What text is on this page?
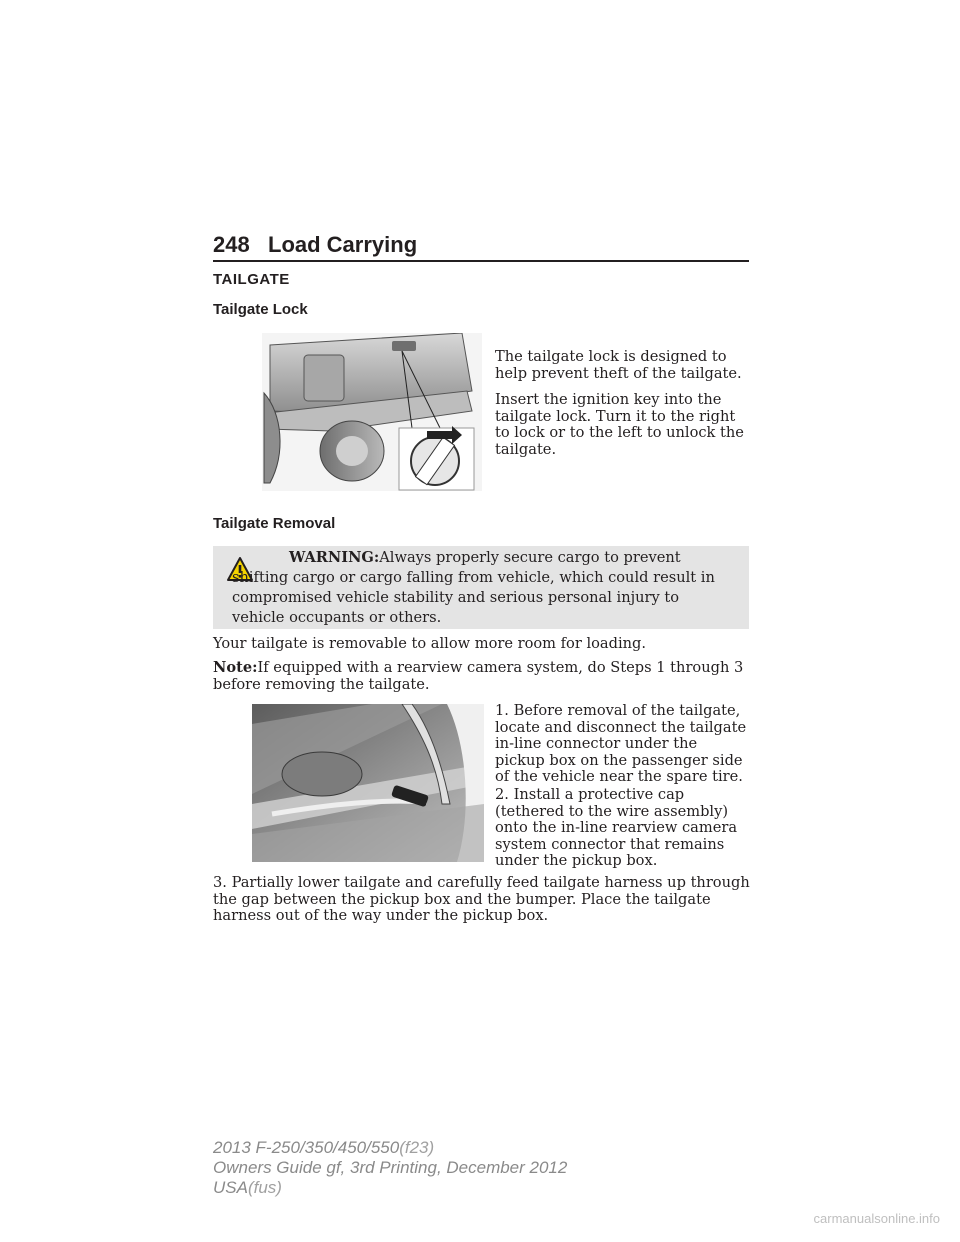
248 Load Carrying
TAILGATE
Tailgate Lock
The tailgate lock is designed to help prevent theft of the tailgate.
Insert the ignition key into the tailgate lock. Turn it to the right to lock or to the left to unlock the tailgate.
Tailgate Removal
WARNING:Always properly secure cargo to prevent shifting cargo or cargo falling from vehicle, which could result in compromised vehicle stability and serious personal injury to vehicle occupants or others.
Your tailgate is removable to allow more room for loading.
Note:If equipped with a rearview camera system, do Steps 1 through 3 before removing the tailgate.
1. Before removal of the tailgate, locate and disconnect the tailgate in-line connector under the pickup box on the passenger side of the vehicle near the spare tire.
2. Install a protective cap (tethered to the wire assembly) onto the in-line rearview camera system connector that remains under the pickup box.
3. Partially lower tailgate and carefully feed tailgate harness up through the gap between the pickup box and the bumper. Place the tailgate harness out of the way under the pickup box.
2013 F-250/350/450/550(f23)
Owners Guide gf, 3rd Printing, December 2012
USA(fus)
carmanualsonline.info
